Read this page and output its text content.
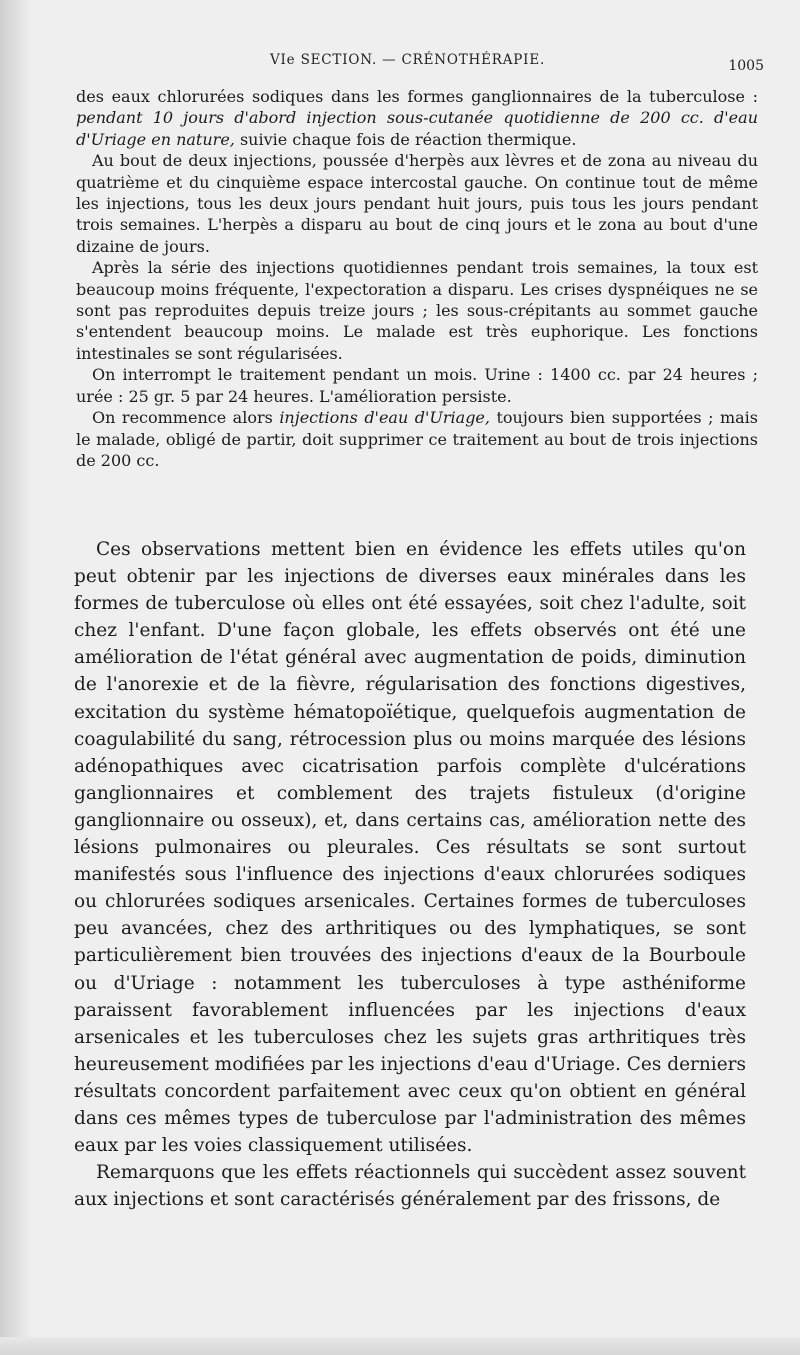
VIe SECTION. — CRÉNOTHÉRAPIE.	1005

des eaux chlorurées sodiques dans les formes ganglionnaires de la tuberculose : pendant 10 jours d'abord injection sous-cutanée quotidienne de 200 cc. d'eau d'Uriage en nature, suivie chaque fois de réaction thermique.

Au bout de deux injections, poussée d'herpès aux lèvres et de zona au niveau du quatrième et du cinquième espace intercostal gauche. On continue tout de même les injections, tous les deux jours pendant huit jours, puis tous les jours pendant trois semaines. L'herpès a disparu au bout de cinq jours et le zona au bout d'une dizaine de jours.

Après la série des injections quotidiennes pendant trois semaines, la toux est beaucoup moins fréquente, l'expectoration a disparu. Les crises dyspnéiques ne se sont pas reproduites depuis treize jours ; les sous-crépitants au sommet gauche s'entendent beaucoup moins. Le malade est très euphorique. Les fonctions intestinales se sont régularisées.

On interrompt le traitement pendant un mois. Urine : 1400 cc. par 24 heures ; urée : 25 gr. 5 par 24 heures. L'amélioration persiste.

On recommence alors injections d'eau d'Uriage, toujours bien supportées ; mais le malade, obligé de partir, doit supprimer ce traitement au bout de trois injections de 200 cc.

Ces observations mettent bien en évidence les effets utiles qu'on peut obtenir par les injections de diverses eaux minérales dans les formes de tuberculose où elles ont été essayées, soit chez l'adulte, soit chez l'enfant. D'une façon globale, les effets observés ont été une amélioration de l'état général avec augmentation de poids, diminution de l'anorexie et de la fièvre, régularisation des fonctions digestives, excitation du système hématopoïétique, quelquefois augmentation de coagulabilité du sang, rétrocession plus ou moins marquée des lésions adénopathiques avec cicatrisation parfois complète d'ulcérations ganglionnaires et comblement des trajets fistuleux (d'origine ganglionnaire ou osseux), et, dans certains cas, amélioration nette des lésions pulmonaires ou pleurales. Ces résultats se sont surtout manifestés sous l'influence des injections d'eaux chlorurées sodiques ou chlorurées sodiques arsenicales. Certaines formes de tuberculoses peu avancées, chez des arthritiques ou des lymphatiques, se sont particulièrement bien trouvées des injections d'eaux de la Bourboule ou d'Uriage : notamment les tuberculoses à type asthéniforme paraissent favorablement influencées par les injections d'eaux arsenicales et les tuberculoses chez les sujets gras arthritiques très heureusement modifiées par les injections d'eau d'Uriage. Ces derniers résultats concordent parfaitement avec ceux qu'on obtient en général dans ces mêmes types de tuberculose par l'administration des mêmes eaux par les voies classiquement utilisées.

Remarquons que les effets réactionnels qui succèdent assez souvent aux injections et sont caractérisés généralement par des frissons, de
